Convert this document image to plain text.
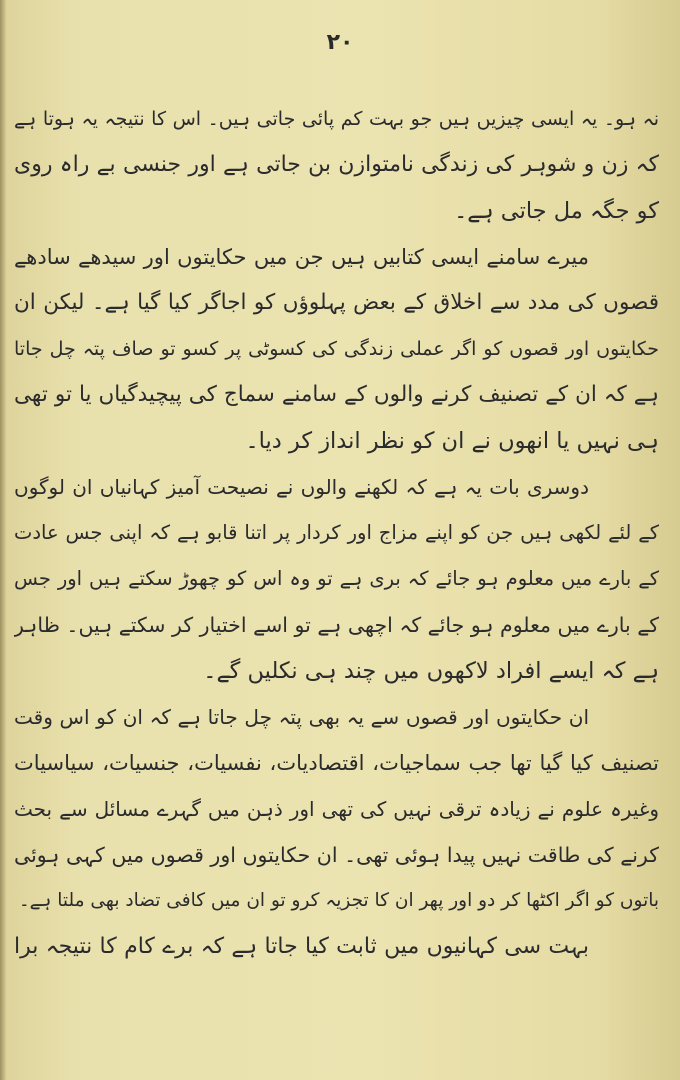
۲۰
نہ ہو۔ یہ ایسی چیزیں ہیں جو بہت کم پائی جاتی ہیں۔ اس کا نتیجہ یہ ہوتا ہے
کہ زن و شوہر کی زندگی نامتوازن بن جاتی ہے اور جنسی بے راہ روی
کو جگہ مل جاتی ہے۔
میرے سامنے ایسی کتابیں ہیں جن میں حکایتوں اور سیدھے سادھے
قصوں کی مدد سے اخلاق کے بعض پہلوؤں کو اجاگر کیا گیا ہے۔ لیکن ان
حکایتوں اور قصوں کو اگر عملی زندگی کی کسوٹی پر کسو تو صاف پتہ چل جاتا
ہے کہ ان کے تصنیف کرنے والوں کے سامنے سماج کی پیچیدگیاں یا تو تھی
ہی نہیں یا انھوں نے ان کو نظر انداز کر دیا۔
دوسری بات یہ ہے کہ لکھنے والوں نے نصیحت آمیز کہانیاں ان لوگوں
کے لئے لکھی ہیں جن کو اپنے مزاج اور کردار پر اتنا قابو ہے کہ اپنی جس عادت
کے بارے میں معلوم ہو جائے کہ بری ہے تو وہ اس کو چھوڑ سکتے ہیں اور جس
کے بارے میں معلوم ہو جائے کہ اچھی ہے تو اسے اختیار کر سکتے ہیں۔ ظاہر
ہے کہ ایسے افراد لاکھوں میں چند ہی نکلیں گے۔
ان حکایتوں اور قصوں سے یہ بھی پتہ چل جاتا ہے کہ ان کو اس وقت
تصنیف کیا گیا تھا جب سماجیات، اقتصادیات، نفسیات، جنسیات، سیاسیات
وغیرہ علوم نے زیادہ ترقی نہیں کی تھی اور ذہن میں گہرے مسائل سے بحث
کرنے کی طاقت نہیں پیدا ہوئی تھی۔ ان حکایتوں اور قصوں میں کہی ہوئی
باتوں کو اگر اکٹھا کر دو اور پھر ان کا تجزیہ کرو تو ان میں کافی تضاد بھی ملتا ہے۔
بہت سی کہانیوں میں ثابت کیا جاتا ہے کہ برے کام کا نتیجہ برا
